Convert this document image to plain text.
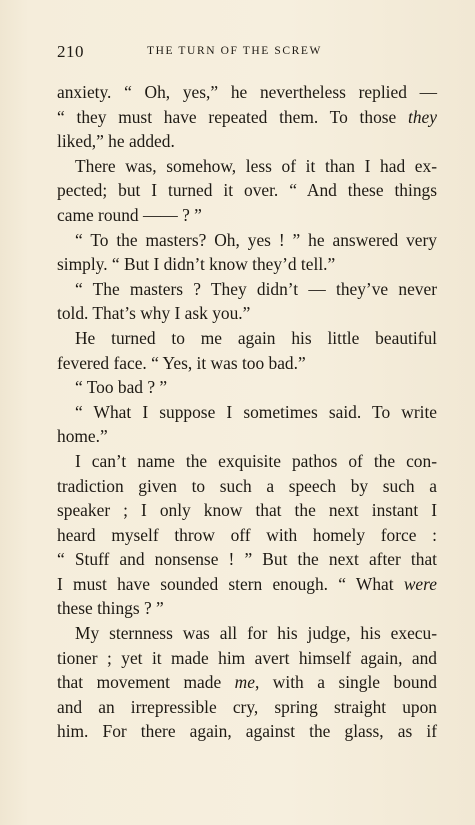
210	THE TURN OF THE SCREW
anxiety. “ Oh, yes,” he nevertheless replied —
“ they must have repeated them. To those they
liked,” he added.
There was, somehow, less of it than I had ex-
pected; but I turned it over. “ And these things
came round —— ? ”
“ To the masters? Oh, yes ! ” he answered very
simply. “ But I didn’t know they’d tell.”
“ The masters ? They didn’t — they’ve never
told. That’s why I ask you.”
He turned to me again his little beautiful
fevered face. “ Yes, it was too bad.”
“ Too bad ? ”
“ What I suppose I sometimes said. To write
home.”
I can’t name the exquisite pathos of the con-
tradiction given to such a speech by such a
speaker ; I only know that the next instant I
heard myself throw off with homely force :
“ Stuff and nonsense ! ” But the next after that
I must have sounded stern enough. “ What were
these things ? ”
My sternness was all for his judge, his execu-
tioner ; yet it made him avert himself again, and
that movement made me, with a single bound
and an irrepressible cry, spring straight upon
him. For there again, against the glass, as if
